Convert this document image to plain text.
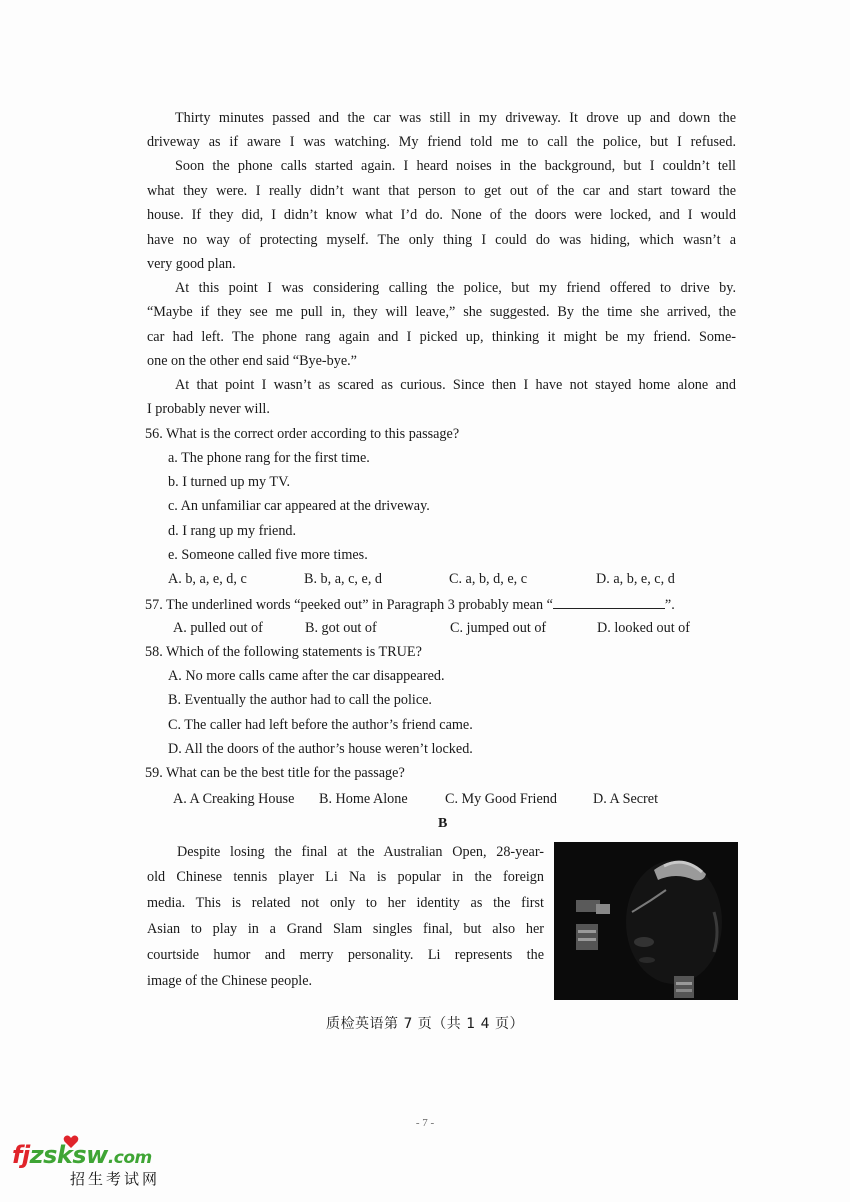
Thirty minutes passed and the car was still in my driveway. It drove up and down the
driveway as if aware I was watching. My friend told me to call the police, but I refused.
Soon the phone calls started again. I heard noises in the background, but I couldn’t tell
what they were. I really didn’t want that person to get out of the car and start toward the
house. If they did, I didn’t know what I’d do. None of the doors were locked, and I would
have no way of protecting myself. The only thing I could do was hiding, which wasn’t a
very good plan.
At this point I was considering calling the police, but my friend offered to drive by.
“Maybe if they see me pull in, they will leave,” she suggested. By the time she arrived, the
car had left. The phone rang again and I picked up, thinking it might be my friend. Some-
one on the other end said “Bye-bye.”
At that point I wasn’t as scared as curious. Since then I have not stayed home alone and
I probably never will.
56. What is the correct order according to this passage?
a. The phone rang for the first time.
b. I turned up my TV.
c. An unfamiliar car appeared at the driveway.
d. I rang up my friend.
e. Someone called five more times.
A. b, a, e, d, c	B. b, a, c, e, d	C. a, b, d, e, c	D. a, b, e, c, d
57. The underlined words “peeked out” in Paragraph 3 probably mean “	”.
A. pulled out of	B. got out of	C. jumped out of	D. looked out of
58. Which of the following statements is TRUE?
A. No more calls came after the car disappeared.
B. Eventually the author had to call the police.
C. The caller had left before the author’s friend came.
D. All the doors of the author’s house weren’t locked.
59. What can be the best title for the passage?
A. A Creaking House	B. Home Alone	C. My Good Friend	D. A Secret
B
Despite losing the final at the Australian Open, 28-year-
old Chinese tennis player Li Na is popular in the foreign
media. This is related not only to her identity as the first
Asian to play in a Grand Slam singles final, but also her
courtside humor and merry personality. Li represents the
image of the Chinese people.
质检英语第 7 页（共 1 4 页）
- 7 -
fjzsksw.com
招生考试网
